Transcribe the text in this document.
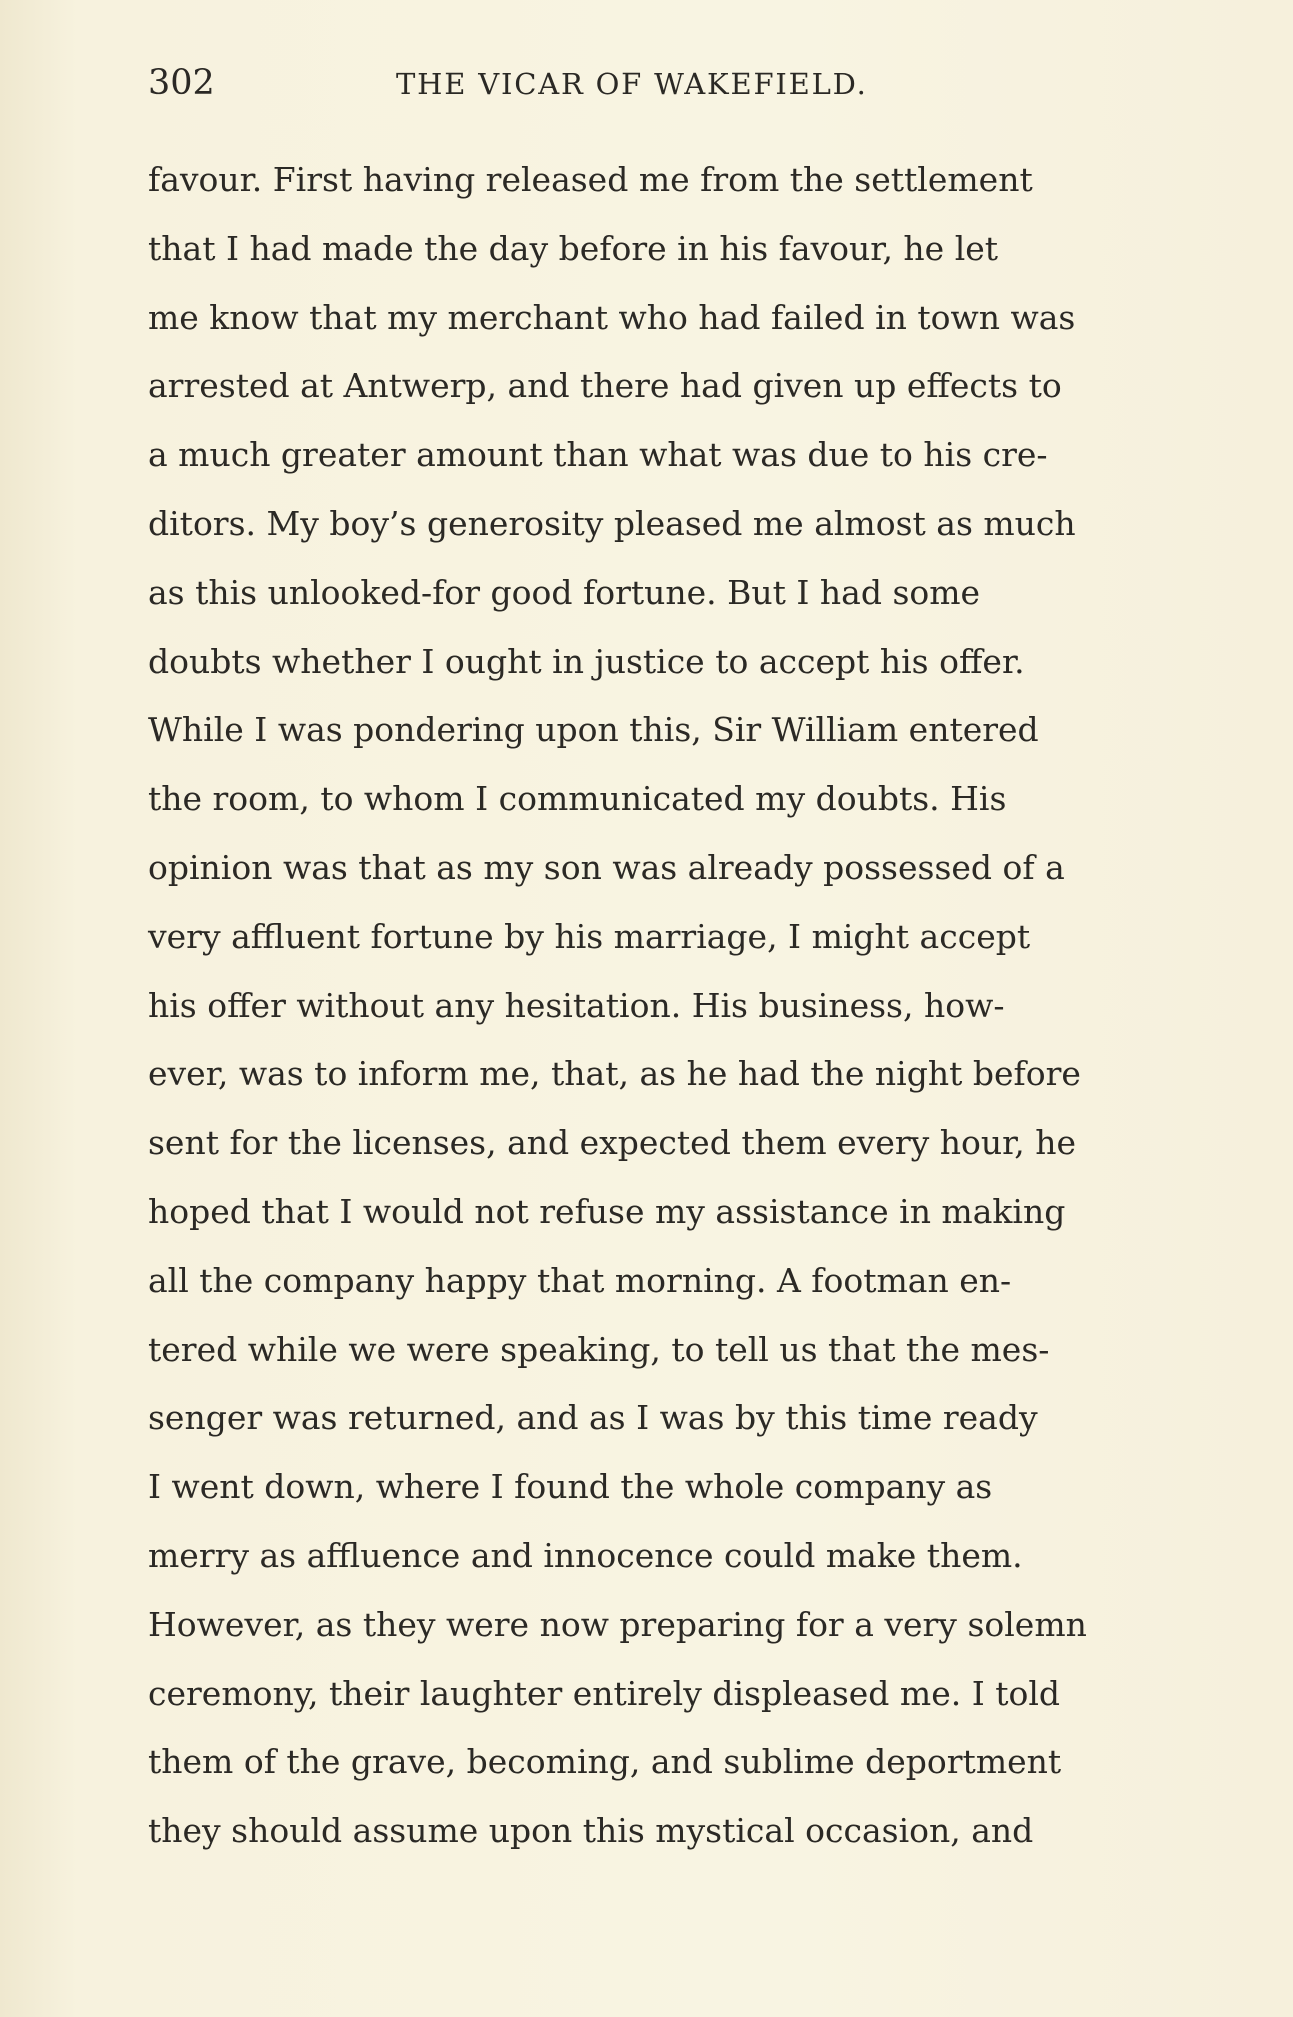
302	THE VICAR OF WAKEFIELD.
favour. First having released me from the settlement
that I had made the day before in his favour, he let
me know that my merchant who had failed in town was
arrested at Antwerp, and there had given up effects to
a much greater amount than what was due to his cre-
ditors. My boy’s generosity pleased me almost as much
as this unlooked-for good fortune. But I had some
doubts whether I ought in justice to accept his offer.
While I was pondering upon this, Sir William entered
the room, to whom I communicated my doubts. His
opinion was that as my son was already possessed of a
very affluent fortune by his marriage, I might accept
his offer without any hesitation. His business, how-
ever, was to inform me, that, as he had the night before
sent for the licenses, and expected them every hour, he
hoped that I would not refuse my assistance in making
all the company happy that morning. A footman en-
tered while we were speaking, to tell us that the mes-
senger was returned, and as I was by this time ready
I went down, where I found the whole company as
merry as affluence and innocence could make them.
However, as they were now preparing for a very solemn
ceremony, their laughter entirely displeased me. I told
them of the grave, becoming, and sublime deportment
they should assume upon this mystical occasion, and
